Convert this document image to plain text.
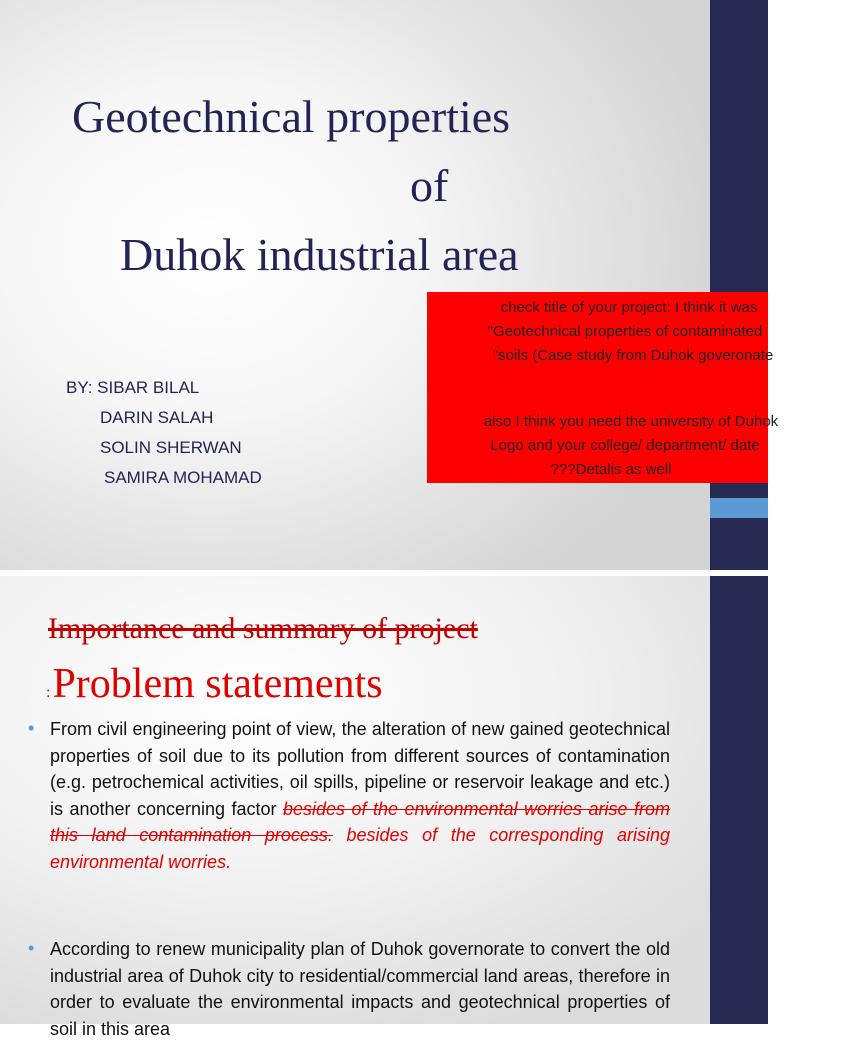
Geotechnical properties
of
Duhok industrial area
BY: SIBAR BILAL
DARIN SALAH
SOLIN SHERWAN
SAMIRA MOHAMAD
check title of your project: I think it was
"Geotechnical properties of contaminated
"soils (Case study from Duhok goveronate
also I think you need the university of Duhok
Logo and your college/ department/ date
???Detalis as well
Importance and summary of project
:Problem statements
• From civil engineering point of view, the alteration of new gained geotechnical properties of soil due to its pollution from different sources of contamination (e.g. petrochemical activities, oil spills, pipeline or reservoir leakage and etc.) is another concerning factor besides of the environmental worries arise from this land contamination process. besides of the corresponding arising environmental worries.
• According to renew municipality plan of Duhok governorate to convert the old industrial area of Duhok city to residential/commercial land areas, therefore in order to evaluate the environmental impacts and geotechnical properties of soil in this area
